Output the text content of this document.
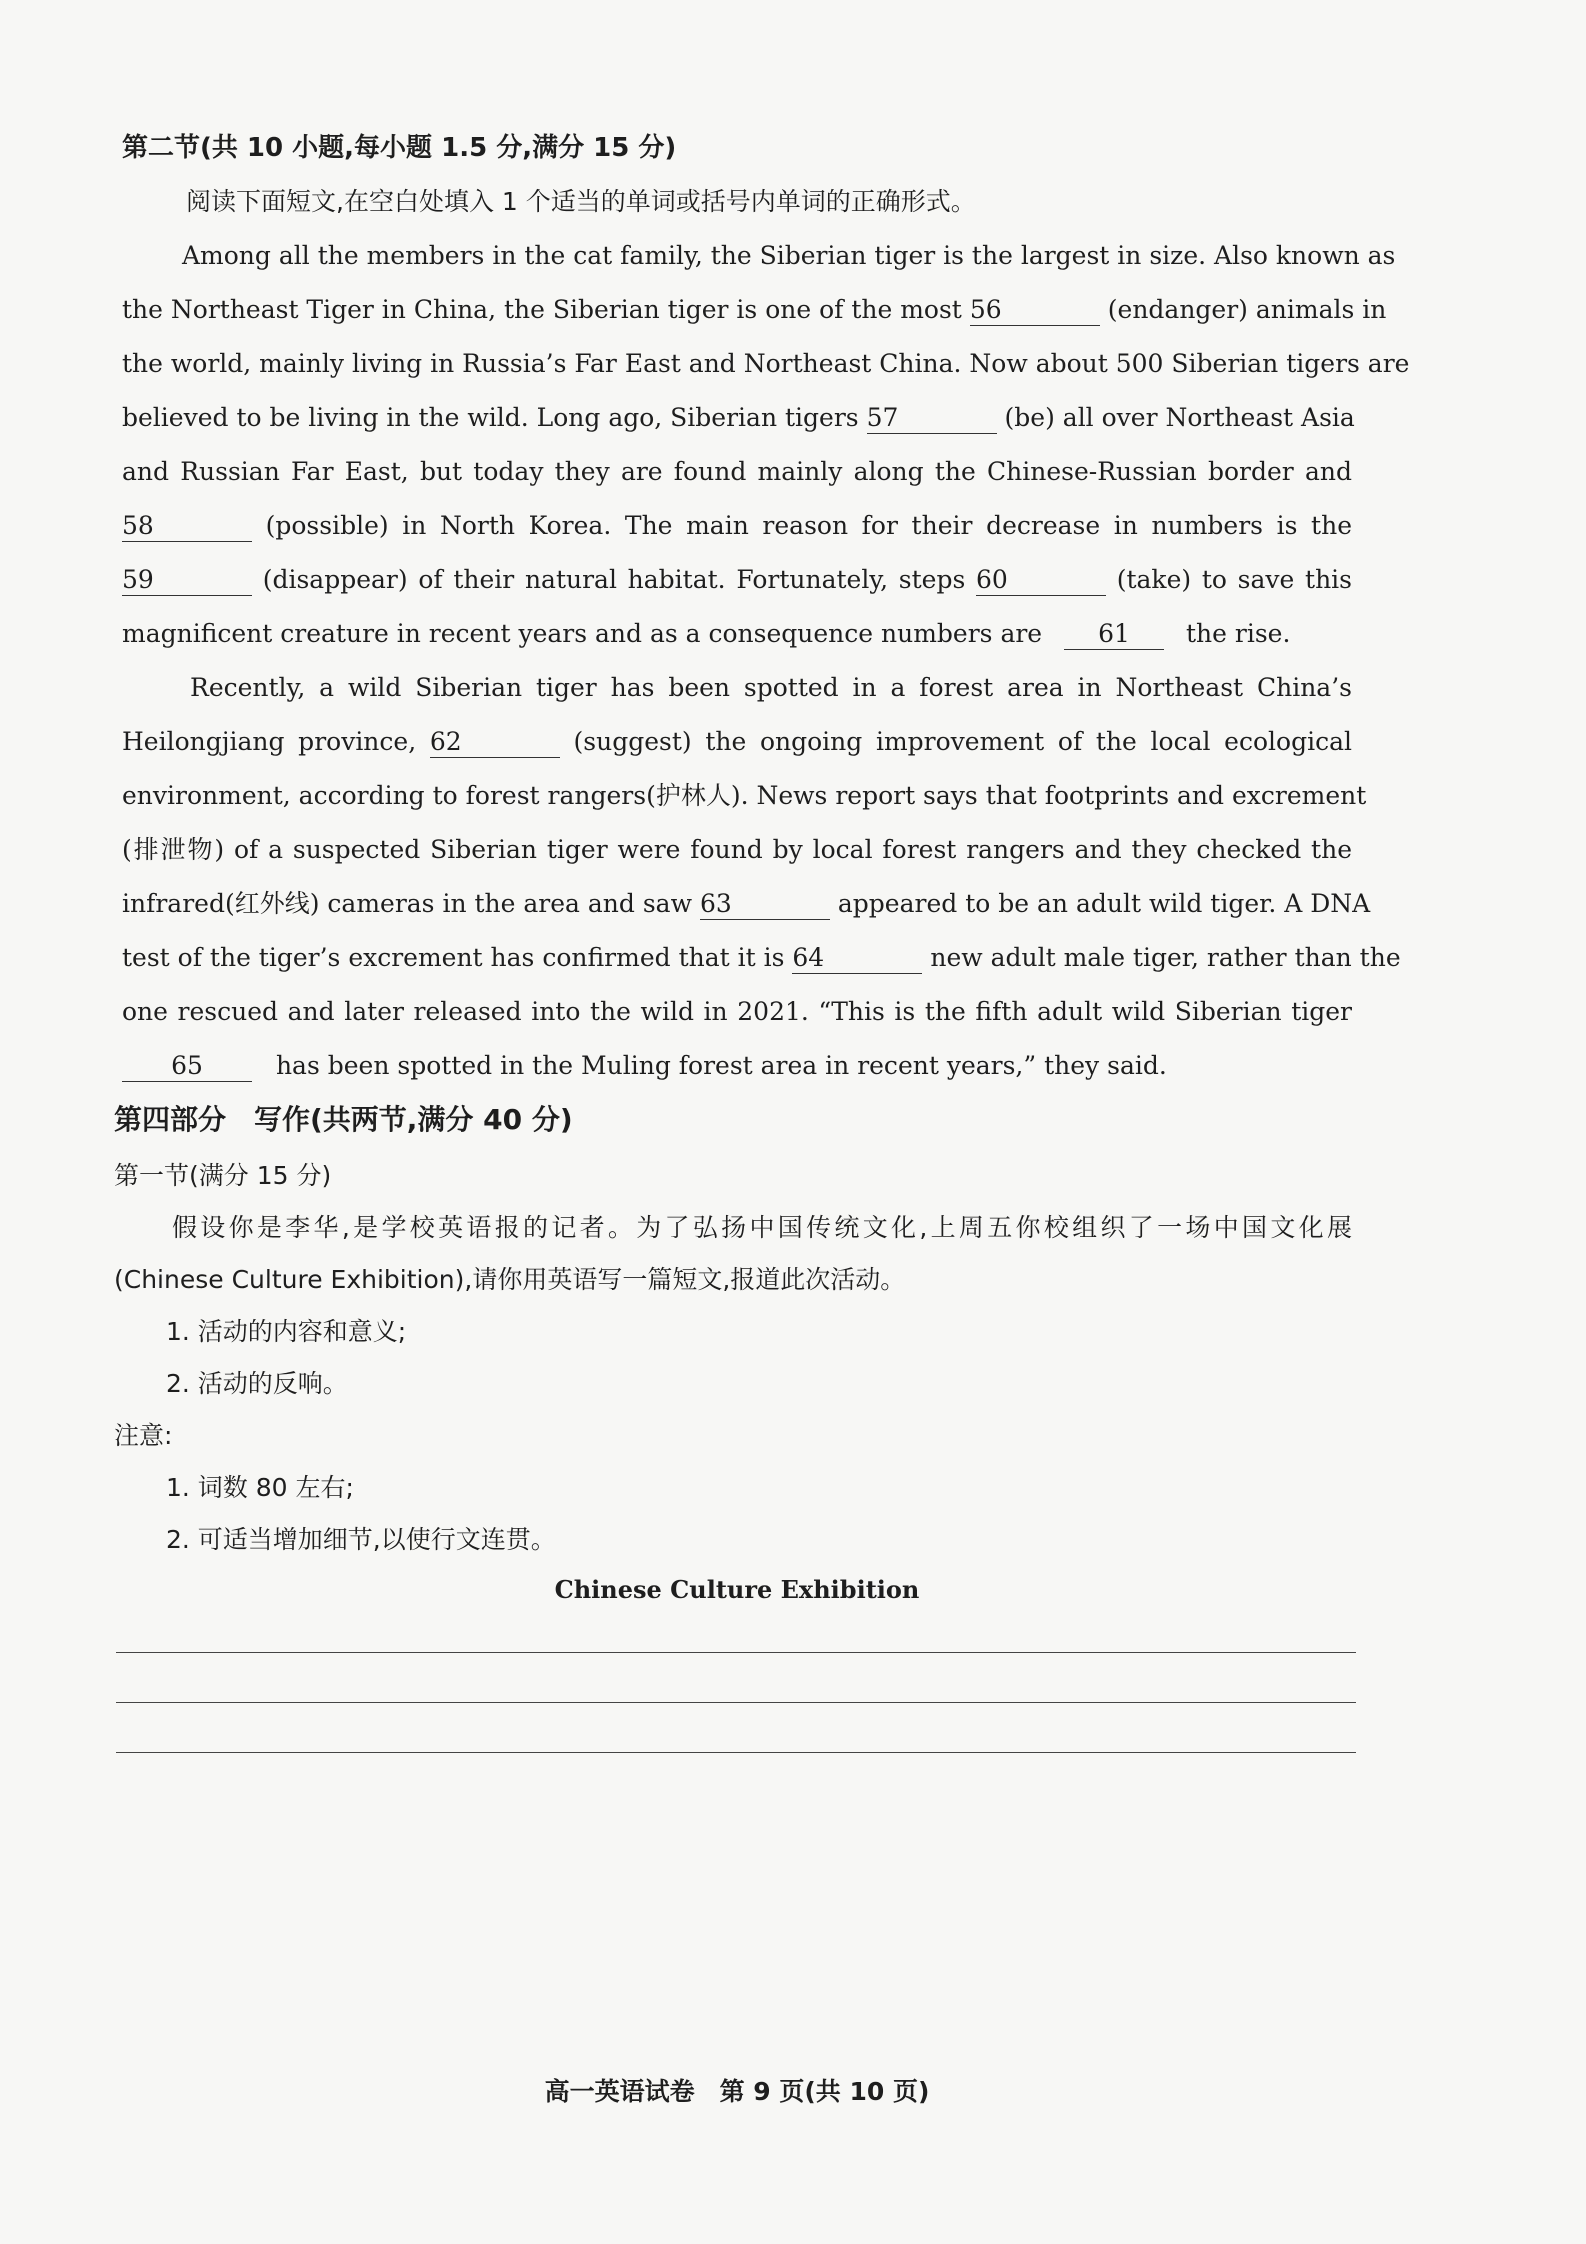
第二节(共 10 小题,每小题 1.5 分,满分 15 分)
阅读下面短文,在空白处填入 1 个适当的单词或括号内单词的正确形式。
Among all the members in the cat family, the Siberian tiger is the largest in size. Also known as
the Northeast Tiger in China, the Siberian tiger is one of the most 56	(endanger) animals in
the world, mainly living in Russia’s Far East and Northeast China. Now about 500 Siberian tigers are
believed to be living in the wild. Long ago, Siberian tigers 57	(be) all over Northeast Asia
and Russian Far East, but today they are found mainly along the Chinese-Russian border and
58	(possible) in North Korea. The main reason for their decrease in numbers is the
59	(disappear) of their natural habitat. Fortunately, steps 60	(take) to save this
magnificent creature in recent years and as a consequence numbers are 61 the rise.
Recently, a wild Siberian tiger has been spotted in a forest area in Northeast China’s
Heilongjiang province, 62	(suggest) the ongoing improvement of the local ecological
environment, according to forest rangers(护林人). News report says that footprints and excrement
(排泄物) of a suspected Siberian tiger were found by local forest rangers and they checked the
infrared(红外线) cameras in the area and saw 63	appeared to be an adult wild tiger. A DNA
test of the tiger’s excrement has confirmed that it is 64	new adult male tiger, rather than the
one rescued and later released into the wild in 2021. “This is the fifth adult wild Siberian tiger
65	has been spotted in the Muling forest area in recent years,” they said.
第四部分　写作(共两节,满分 40 分)
第一节(满分 15 分)
假设你是李华,是学校英语报的记者。为了弘扬中国传统文化,上周五你校组织了一场中国文化展
(Chinese Culture Exhibition),请你用英语写一篇短文,报道此次活动。
1. 活动的内容和意义;
2. 活动的反响。
注意:
1. 词数 80 左右;
2. 可适当增加细节,以使行文连贯。
Chinese Culture Exhibition
高一英语试卷　第 9 页(共 10 页)
